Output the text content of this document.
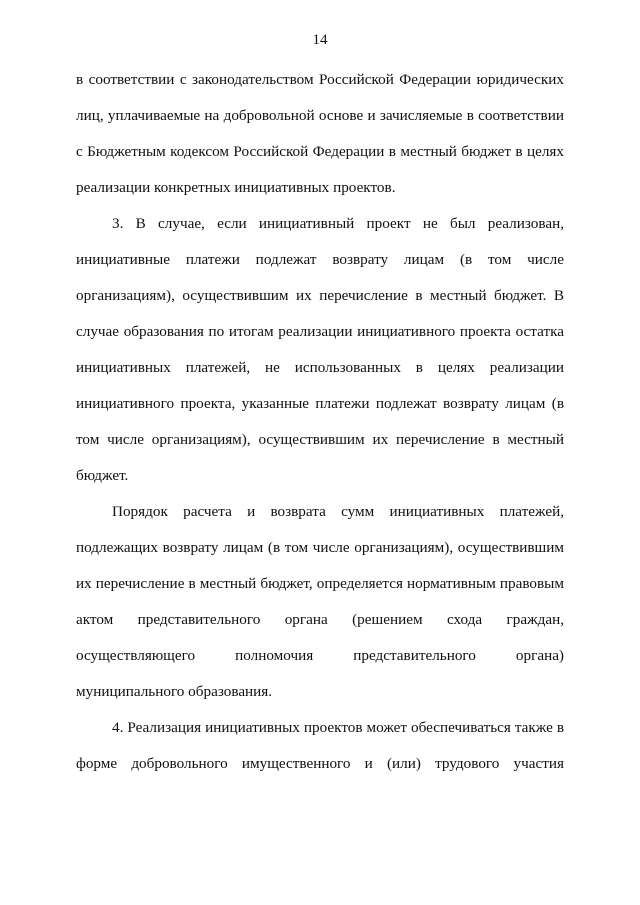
14

в соответствии с законодательством Российской Федерации юридических лиц, уплачиваемые на добровольной основе и зачисляемые в соответствии с Бюджетным кодексом Российской Федерации в местный бюджет в целях реализации конкретных инициативных проектов.

3. В случае, если инициативный проект не был реализован, инициативные платежи подлежат возврату лицам (в том числе организациям), осуществившим их перечисление в местный бюджет. В случае образования по итогам реализации инициативного проекта остатка инициативных платежей, не использованных в целях реализации инициативного проекта, указанные платежи подлежат возврату лицам (в том числе организациям), осуществившим их перечисление в местный бюджет.

Порядок расчета и возврата сумм инициативных платежей, подлежащих возврату лицам (в том числе организациям), осуществившим их перечисление в местный бюджет, определяется нормативным правовым актом представительного органа (решением схода граждан, осуществляющего полномочия представительного органа) муниципального образования.

4. Реализация инициативных проектов может обеспечиваться также в форме добровольного имущественного и (или) трудового участия
